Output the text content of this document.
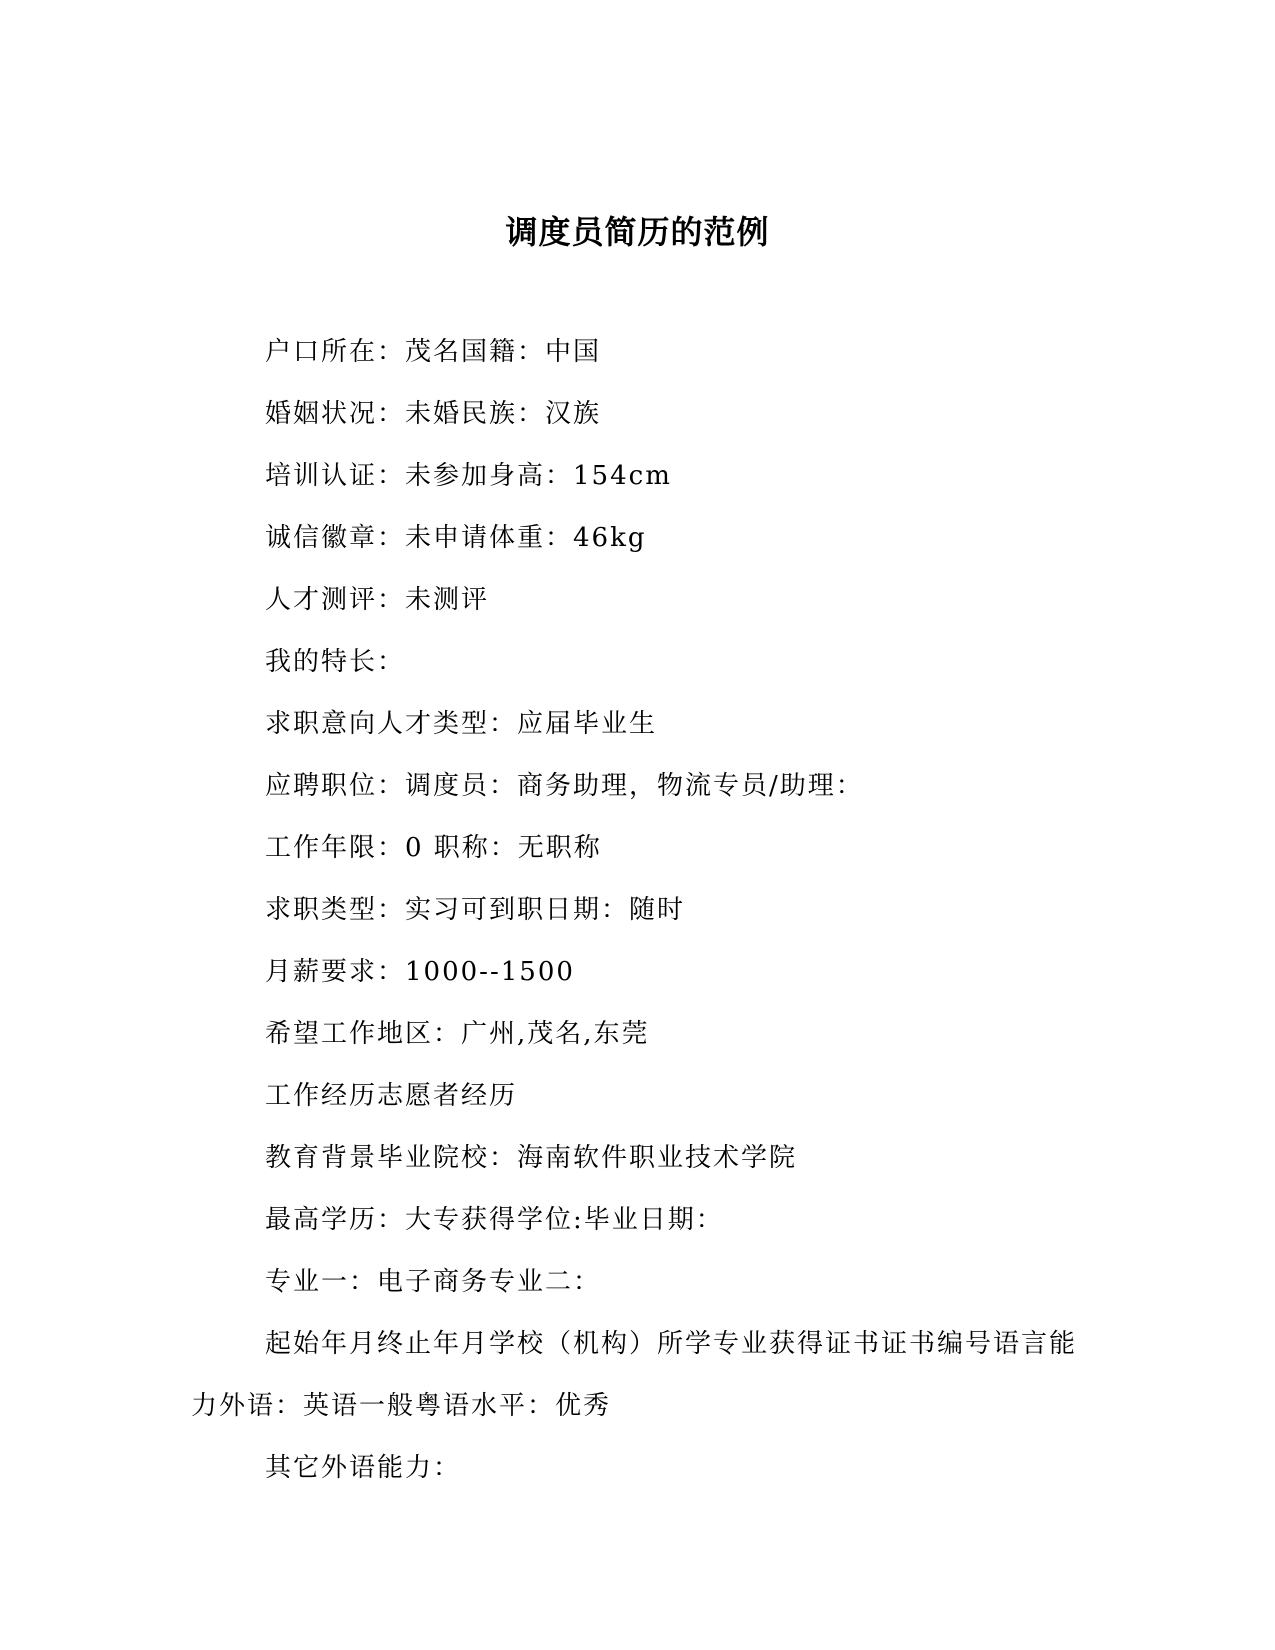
调度员简历的范例

户口所在：茂名国籍：中国

婚姻状况：未婚民族：汉族

培训认证：未参加身高：154cm

诚信徽章：未申请体重：46kg

人才测评：未测评

我的特长：

求职意向人才类型：应届毕业生

应聘职位：调度员：商务助理，物流专员/助理：

工作年限：0 职称：无职称

求职类型：实习可到职日期：随时

月薪要求：1000--1500

希望工作地区：广州,茂名,东莞

工作经历志愿者经历

教育背景毕业院校：海南软件职业技术学院

最高学历：大专获得学位:毕业日期：

专业一：电子商务专业二：

起始年月终止年月学校（机构）所学专业获得证书证书编号语言能力外语：英语一般粤语水平：优秀

其它外语能力：
